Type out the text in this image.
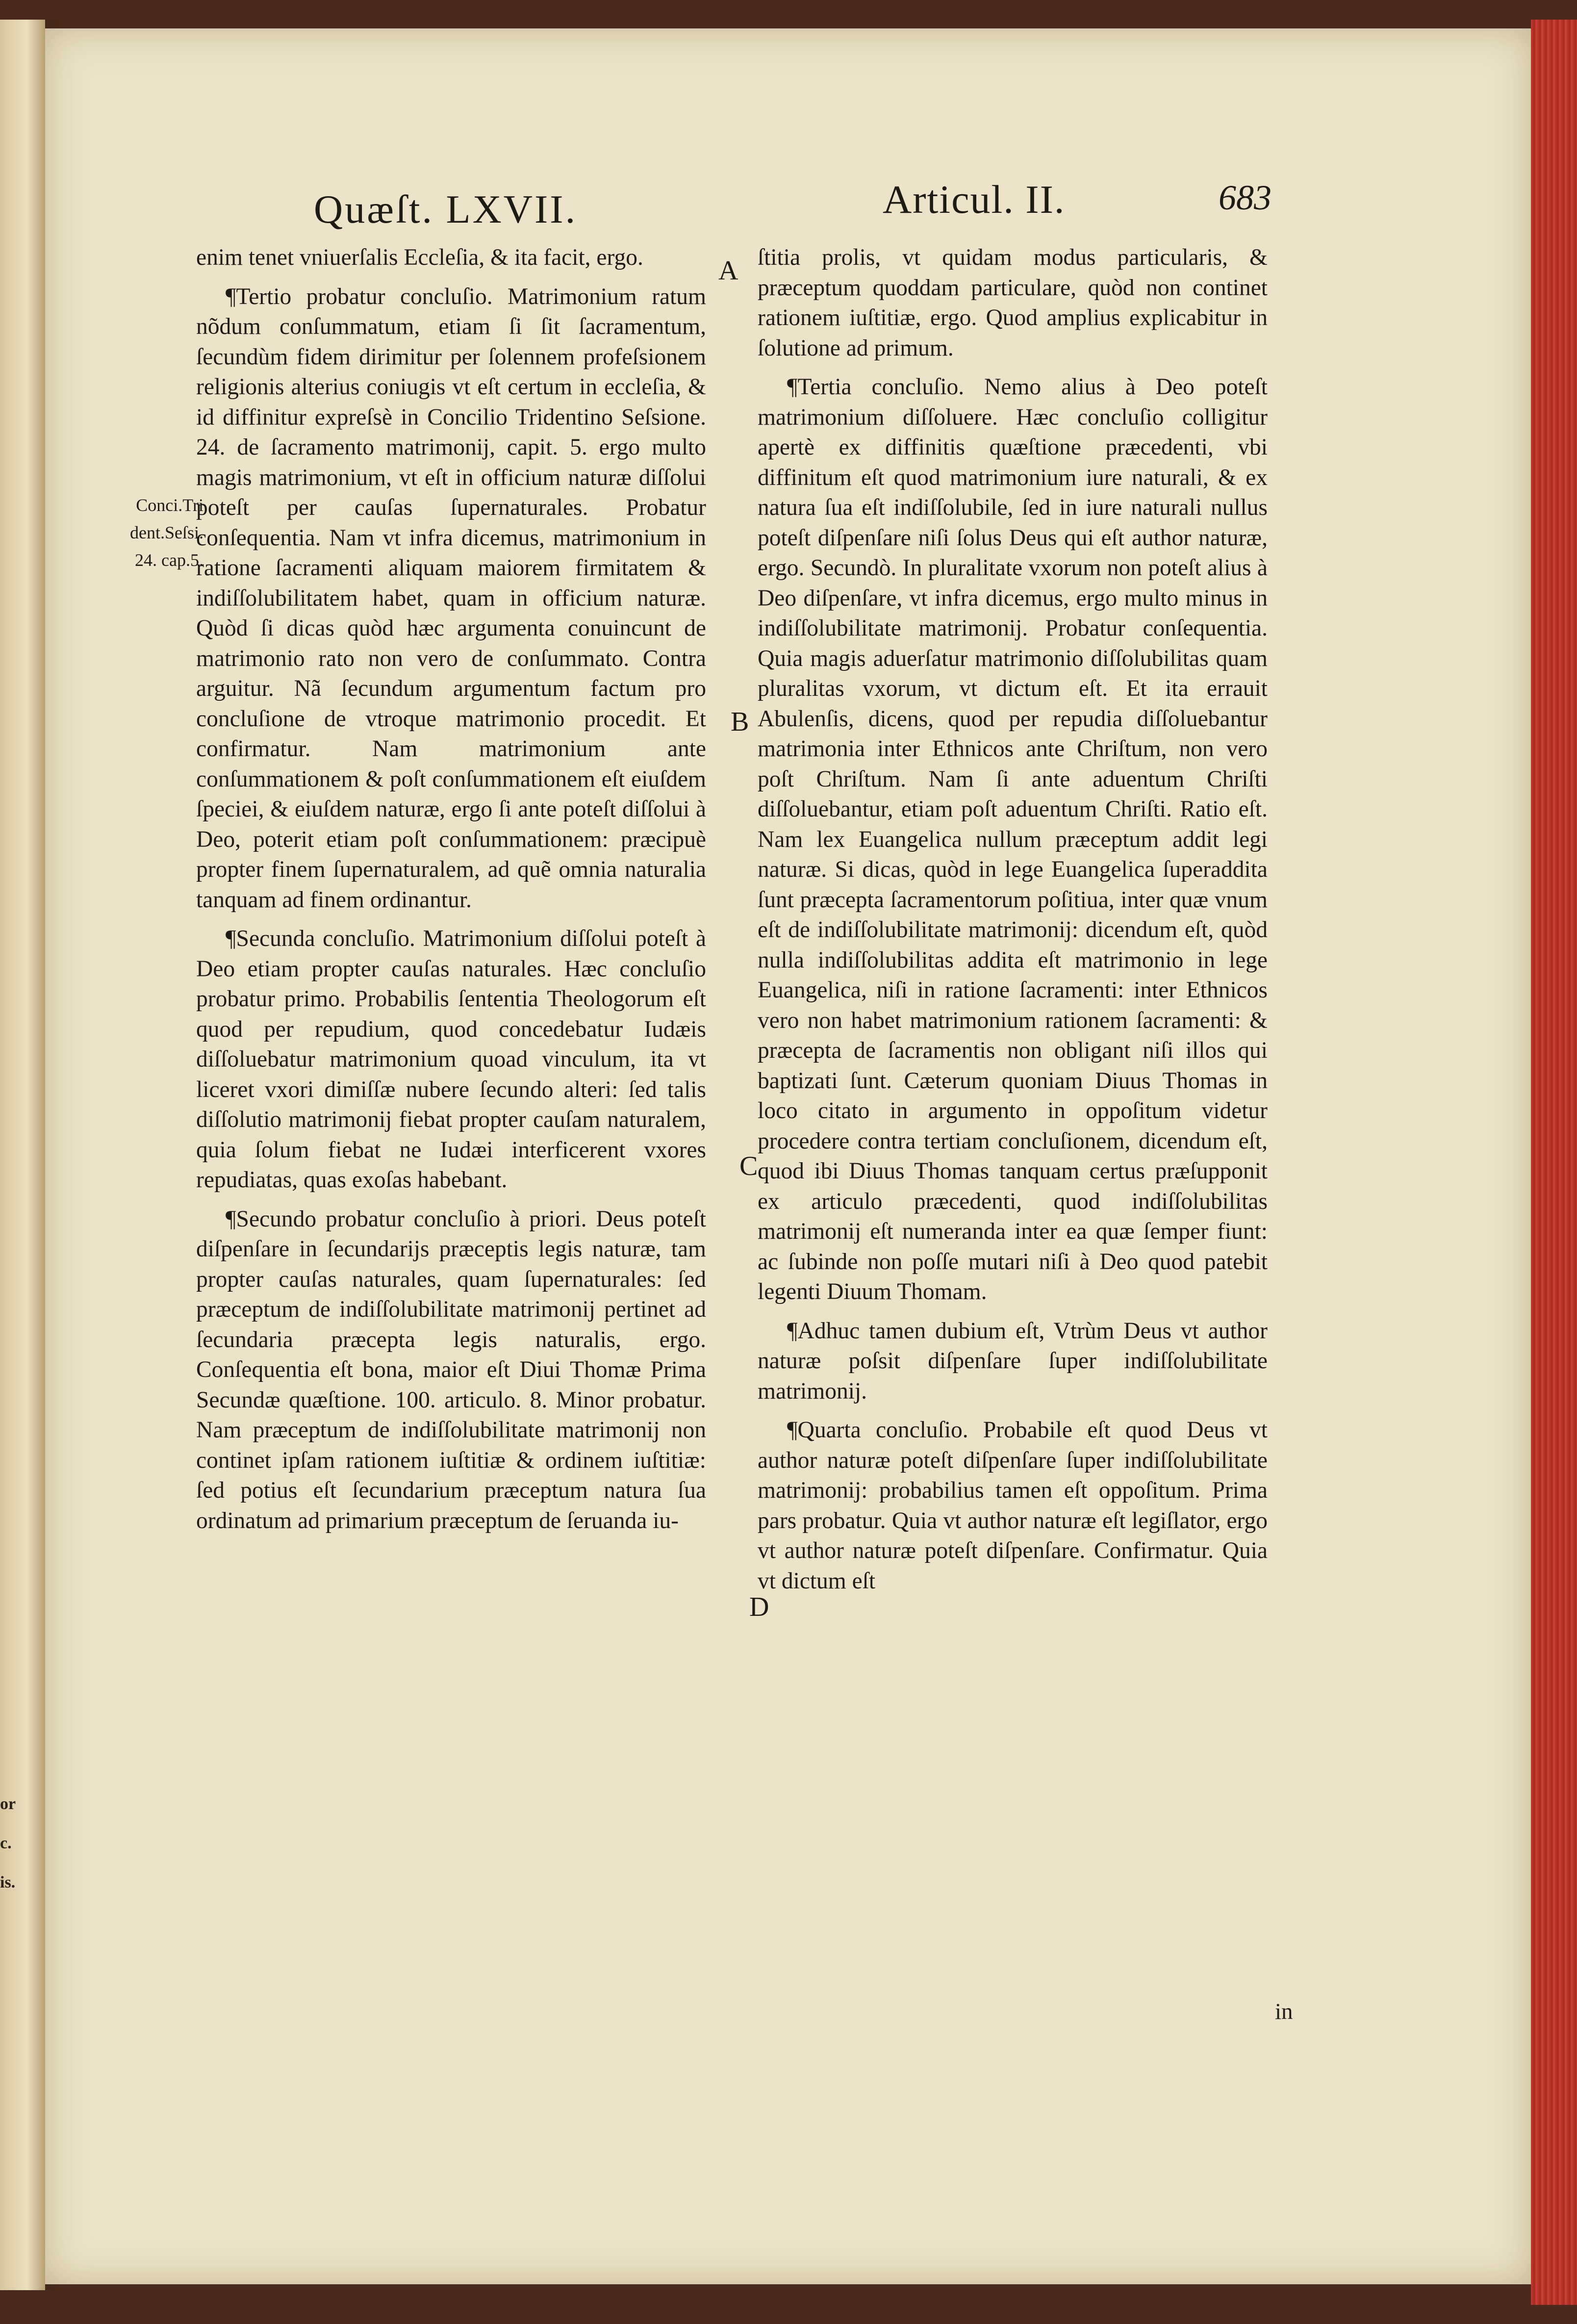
or
c.
is.
Quæſt. LXVII.	Articul. II.	683
Conci.Tri
dent.Seſsi.
24. cap.5.

enim tenet vniuerſalis Eccleſia, & ita facit, ergo.

¶Tertio probatur concluſio. Matrimonium ratum nõdum conſummatum, etiam ſi ſit ſacramentum, ſecundùm fidem dirimitur per ſolennem profeſsionem religionis alterius coniugis vt eſt certum in eccleſia, & id diffinitur expreſsè in Concilio Tridentino Seſsione. 24. de ſacramento matrimonij, capit. 5. ergo multo magis matrimonium, vt eſt in officium naturæ diſſolui poteſt per cauſas ſupernaturales. Probatur conſequentia. Nam vt infra dicemus, matrimonium in ratione ſacramenti aliquam maiorem firmitatem & indiſſolubilitatem habet, quam in officium naturæ. Quòd ſi dicas quòd hæc argumenta conuincunt de matrimonio rato non vero de conſummato. Contra arguitur. Nã ſecundum argumentum factum pro concluſione de vtroque matrimonio procedit. Et confirmatur. Nam matrimonium ante conſummationem & poſt conſummationem eſt eiuſdem ſpeciei, & eiuſdem naturæ, ergo ſi ante poteſt diſſolui à Deo, poterit etiam poſt conſummationem: præcipuè propter finem ſupernaturalem, ad quẽ omnia naturalia tanquam ad finem ordinantur.

¶Secunda concluſio. Matrimonium diſſolui poteſt à Deo etiam propter cauſas naturales. Hæc concluſio probatur primo. Probabilis ſententia Theologorum eſt quod per repudium, quod concedebatur Iudæis diſſoluebatur matrimonium quoad vinculum, ita vt liceret vxori dimiſſæ nubere ſecundo alteri: ſed talis diſſolutio matrimonij fiebat propter cauſam naturalem, quia ſolum fiebat ne Iudæi interficerent vxores repudiatas, quas exoſas habebant.

¶Secundo probatur concluſio à priori. Deus poteſt diſpenſare in ſecundarijs præceptis legis naturæ, tam propter cauſas naturales, quam ſupernaturales: ſed præceptum de indiſſolubilitate matrimonij pertinet ad ſecundaria præcepta legis naturalis, ergo. Conſequentia eſt bona, maior eſt Diui Thomæ Prima Secundæ quæſtione. 100. articulo. 8. Minor probatur. Nam præceptum de indiſſolubilitate matrimonij non continet ipſam rationem iuſtitiæ & ordinem iuſtitiæ: ſed potius eſt ſecundarium præceptum natura ſua ordinatum ad primarium præceptum de ſeruanda iu-

A
B
C
D

ſtitia prolis, vt quidam modus particularis, & præceptum quoddam particulare, quòd non continet rationem iuſtitiæ, ergo. Quod amplius explicabitur in ſolutione ad primum.

¶Tertia concluſio. Nemo alius à Deo poteſt matrimonium diſſoluere. Hæc concluſio colligitur apertè ex diffinitis quæſtione præcedenti, vbi diffinitum eſt quod matrimonium iure naturali, & ex natura ſua eſt indiſſolubile, ſed in iure naturali nullus poteſt diſpenſare niſi ſolus Deus qui eſt author naturæ, ergo. Secundò. In pluralitate vxorum non poteſt alius à Deo diſpenſare, vt infra dicemus, ergo multo minus in indiſſolubilitate matrimonij. Probatur conſequentia. Quia magis aduerſatur matrimonio diſſolubilitas quam pluralitas vxorum, vt dictum eſt. Et ita errauit Abulenſis, dicens, quod per repudia diſſoluebantur matrimonia inter Ethnicos ante Chriſtum, non vero poſt Chriſtum. Nam ſi ante aduentum Chriſti diſſoluebantur, etiam poſt aduentum Chriſti. Ratio eſt. Nam lex Euangelica nullum præceptum addit legi naturæ. Si dicas, quòd in lege Euangelica ſuperaddita ſunt præcepta ſacramentorum poſitiua, inter quæ vnum eſt de indiſſolubilitate matrimonij: dicendum eſt, quòd nulla indiſſolubilitas addita eſt matrimonio in lege Euangelica, niſi in ratione ſacramenti: inter Ethnicos vero non habet matrimonium rationem ſacramenti: & præcepta de ſacramentis non obligant niſi illos qui baptizati ſunt. Cæterum quoniam Diuus Thomas in loco citato in argumento in oppoſitum videtur procedere contra tertiam concluſionem, dicendum eſt, quod ibi Diuus Thomas tanquam certus præſupponit ex articulo præcedenti, quod indiſſolubilitas matrimonij eſt numeranda inter ea quæ ſemper fiunt: ac ſubinde non poſſe mutari niſi à Deo quod patebit legenti Diuum Thomam.

¶Adhuc tamen dubium eſt, Vtrùm Deus vt author naturæ poſsit diſpenſare ſuper indiſſolubilitate matrimonij.

¶Quarta concluſio. Probabile eſt quod Deus vt author naturæ poteſt diſpenſare ſuper indiſſolubilitate matrimonij: probabilius tamen eſt oppoſitum. Prima pars probatur. Quia vt author naturæ eſt legiſlator, ergo vt author naturæ poteſt diſpenſare. Confirmatur. Quia vt dictum eſt

in
